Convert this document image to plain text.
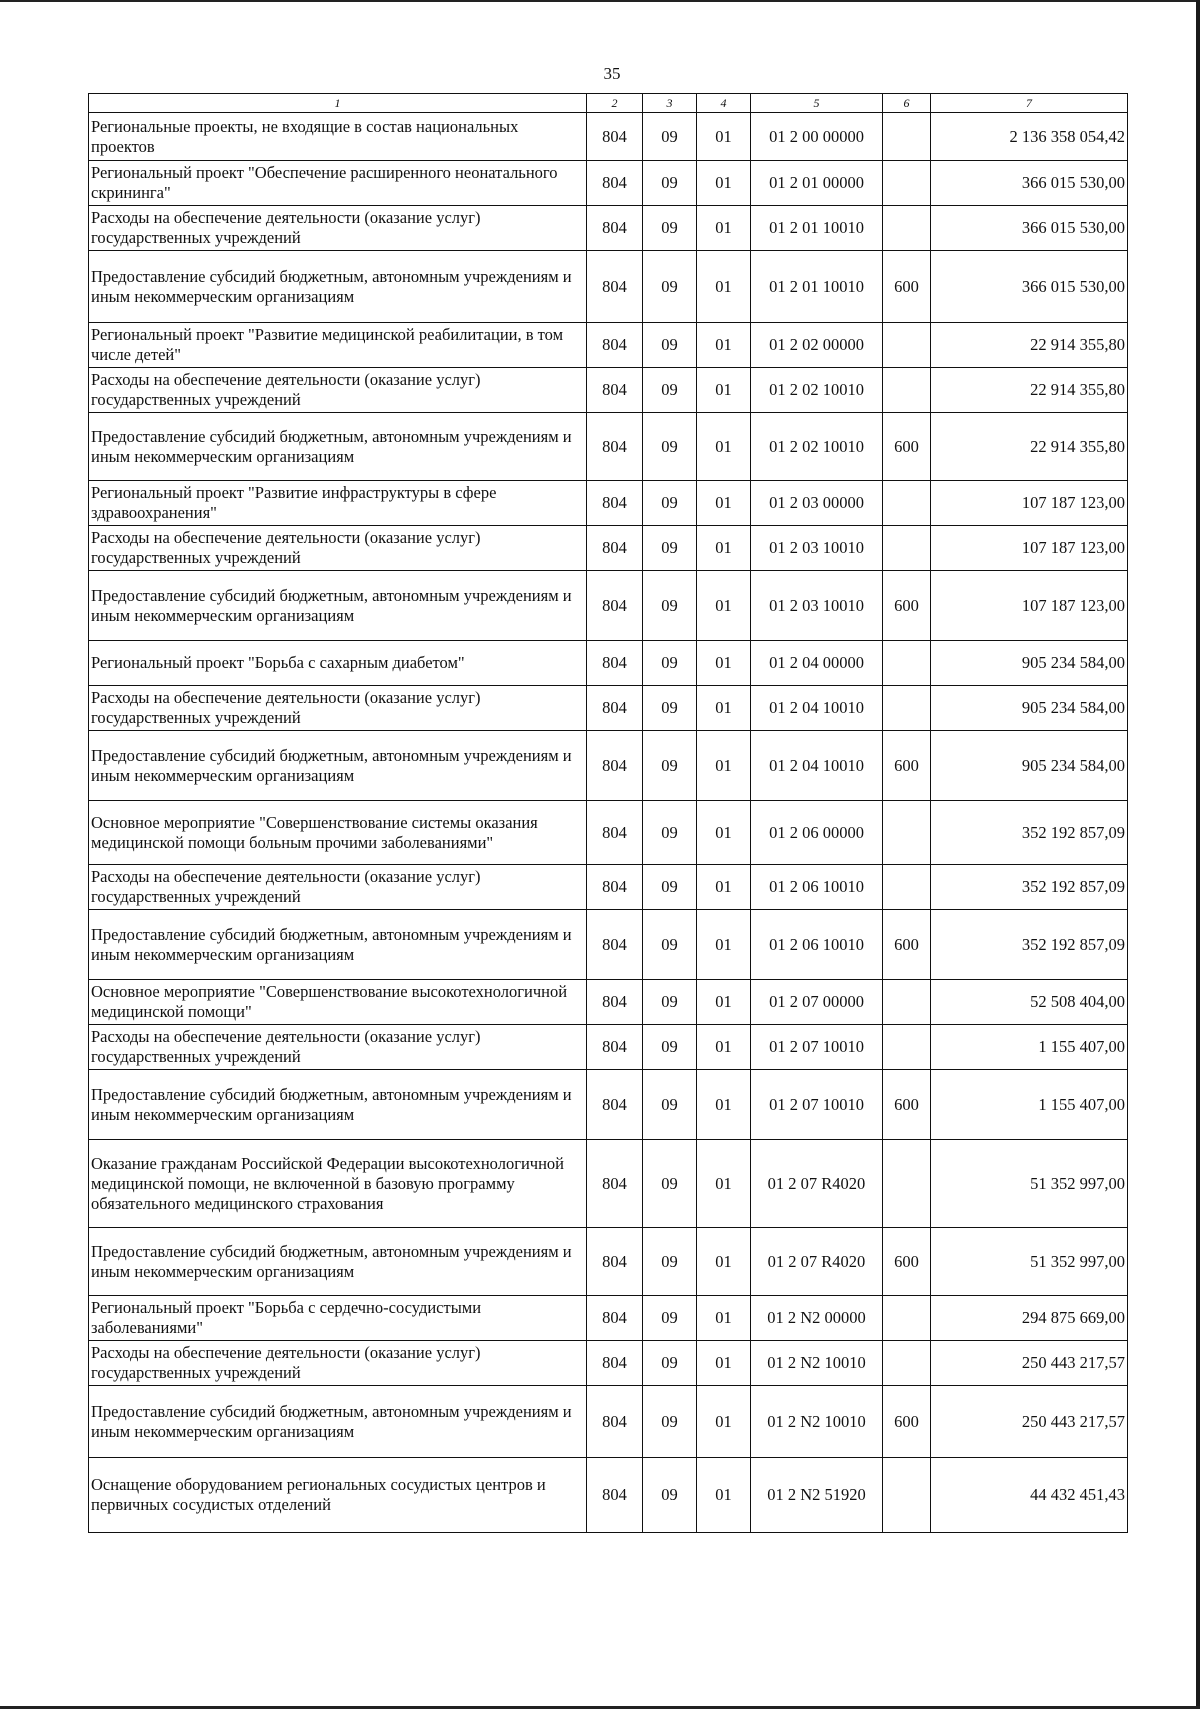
35
1	2	3	4	5	6	7
Региональные проекты, не входящие в состав национальных проектов	804	09	01	01 2 00 00000		2 136 358 054,42
Региональный проект "Обеспечение расширенного неонатального скрининга"	804	09	01	01 2 01 00000		366 015 530,00
Расходы на обеспечение деятельности (оказание услуг) государственных учреждений	804	09	01	01 2 01 10010		366 015 530,00
Предоставление субсидий бюджетным, автономным учреждениям и иным некоммерческим организациям	804	09	01	01 2 01 10010	600	366 015 530,00
Региональный проект "Развитие медицинской реабилитации, в том числе детей"	804	09	01	01 2 02 00000		22 914 355,80
Расходы на обеспечение деятельности (оказание услуг) государственных учреждений	804	09	01	01 2 02 10010		22 914 355,80
Предоставление субсидий бюджетным, автономным учреждениям и иным некоммерческим организациям	804	09	01	01 2 02 10010	600	22 914 355,80
Региональный проект "Развитие инфраструктуры в сфере здравоохранения"	804	09	01	01 2 03 00000		107 187 123,00
Расходы на обеспечение деятельности (оказание услуг) государственных учреждений	804	09	01	01 2 03 10010		107 187 123,00
Предоставление субсидий бюджетным, автономным учреждениям и иным некоммерческим организациям	804	09	01	01 2 03 10010	600	107 187 123,00
Региональный проект "Борьба с сахарным диабетом"	804	09	01	01 2 04 00000		905 234 584,00
Расходы на обеспечение деятельности (оказание услуг) государственных учреждений	804	09	01	01 2 04 10010		905 234 584,00
Предоставление субсидий бюджетным, автономным учреждениям и иным некоммерческим организациям	804	09	01	01 2 04 10010	600	905 234 584,00
Основное мероприятие "Совершенствование системы оказания медицинской помощи больным прочими заболеваниями"	804	09	01	01 2 06 00000		352 192 857,09
Расходы на обеспечение деятельности (оказание услуг) государственных учреждений	804	09	01	01 2 06 10010		352 192 857,09
Предоставление субсидий бюджетным, автономным учреждениям и иным некоммерческим организациям	804	09	01	01 2 06 10010	600	352 192 857,09
Основное мероприятие "Совершенствование высокотехнологичной медицинской помощи"	804	09	01	01 2 07 00000		52 508 404,00
Расходы на обеспечение деятельности (оказание услуг) государственных учреждений	804	09	01	01 2 07 10010		1 155 407,00
Предоставление субсидий бюджетным, автономным учреждениям и иным некоммерческим организациям	804	09	01	01 2 07 10010	600	1 155 407,00
Оказание гражданам Российской Федерации высокотехнологичной медицинской помощи, не включенной в базовую программу обязательного медицинского страхования	804	09	01	01 2 07 R4020		51 352 997,00
Предоставление субсидий бюджетным, автономным учреждениям и иным некоммерческим организациям	804	09	01	01 2 07 R4020	600	51 352 997,00
Региональный проект "Борьба с сердечно-сосудистыми заболеваниями"	804	09	01	01 2 N2 00000		294 875 669,00
Расходы на обеспечение деятельности (оказание услуг) государственных учреждений	804	09	01	01 2 N2 10010		250 443 217,57
Предоставление субсидий бюджетным, автономным учреждениям и иным некоммерческим организациям	804	09	01	01 2 N2 10010	600	250 443 217,57
Оснащение оборудованием региональных сосудистых центров и первичных сосудистых отделений	804	09	01	01 2 N2 51920		44 432 451,43
